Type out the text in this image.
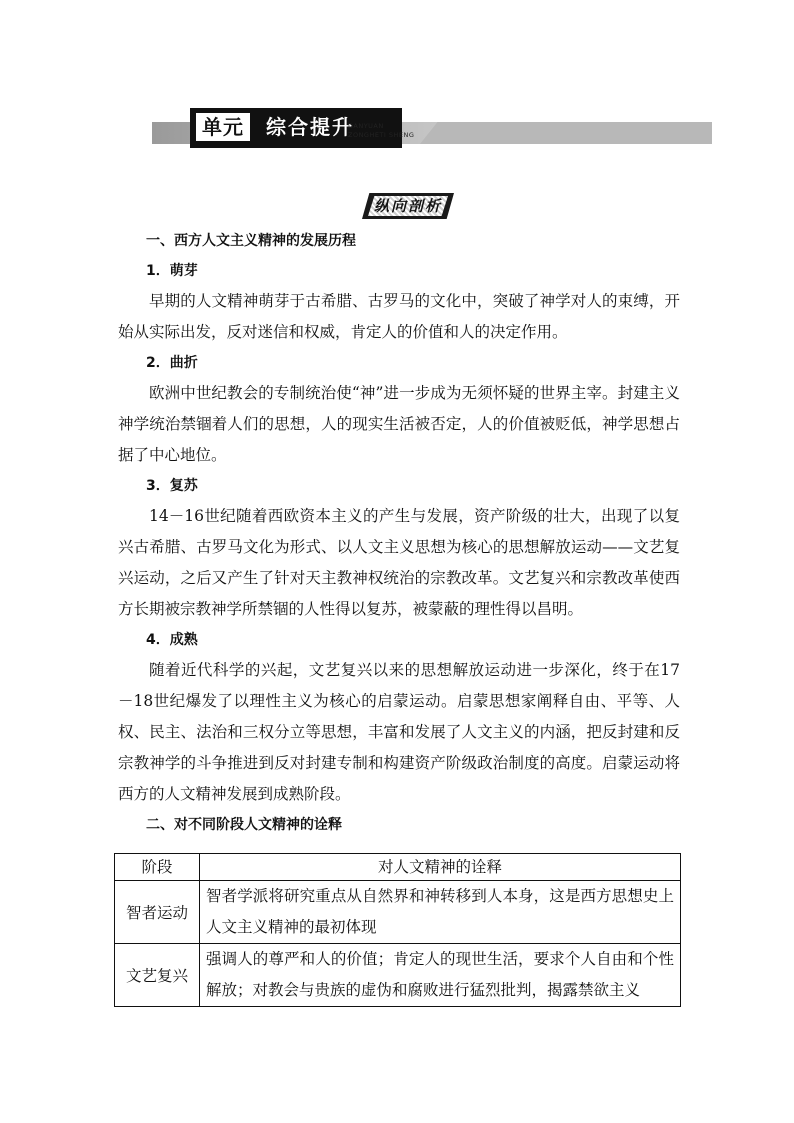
单元	综合提升
DANYUAN
ZONGHETI SHENG
纵向剖析

一、西方人文主义精神的发展历程

1．萌芽

早期的人文精神萌芽于古希腊、古罗马的文化中，突破了神学对人的束缚，开始从实际出发，反对迷信和权威，肯定人的价值和人的决定作用。

2．曲折

欧洲中世纪教会的专制统治使“神”进一步成为无须怀疑的世界主宰。封建主义神学统治禁锢着人们的思想，人的现实生活被否定，人的价值被贬低，神学思想占据了中心地位。

3．复苏

14－16世纪随着西欧资本主义的产生与发展，资产阶级的壮大，出现了以复兴古希腊、古罗马文化为形式、以人文主义思想为核心的思想解放运动——文艺复兴运动，之后又产生了针对天主教神权统治的宗教改革。文艺复兴和宗教改革使西方长期被宗教神学所禁锢的人性得以复苏，被蒙蔽的理性得以昌明。

4．成熟

随着近代科学的兴起，文艺复兴以来的思想解放运动进一步深化，终于在17－18世纪爆发了以理性主义为核心的启蒙运动。启蒙思想家阐释自由、平等、人权、民主、法治和三权分立等思想，丰富和发展了人文主义的内涵，把反封建和反宗教神学的斗争推进到反对封建专制和构建资产阶级政治制度的高度。启蒙运动将西方的人文精神发展到成熟阶段。

二、对不同阶段人文精神的诠释

阶段	对人文精神的诠释
智者运动	智者学派将研究重点从自然界和神转移到人本身，这是西方思想史上人文主义精神的最初体现
文艺复兴	强调人的尊严和人的价值；肯定人的现世生活，要求个人自由和个性解放；对教会与贵族的虚伪和腐败进行猛烈批判，揭露禁欲主义
